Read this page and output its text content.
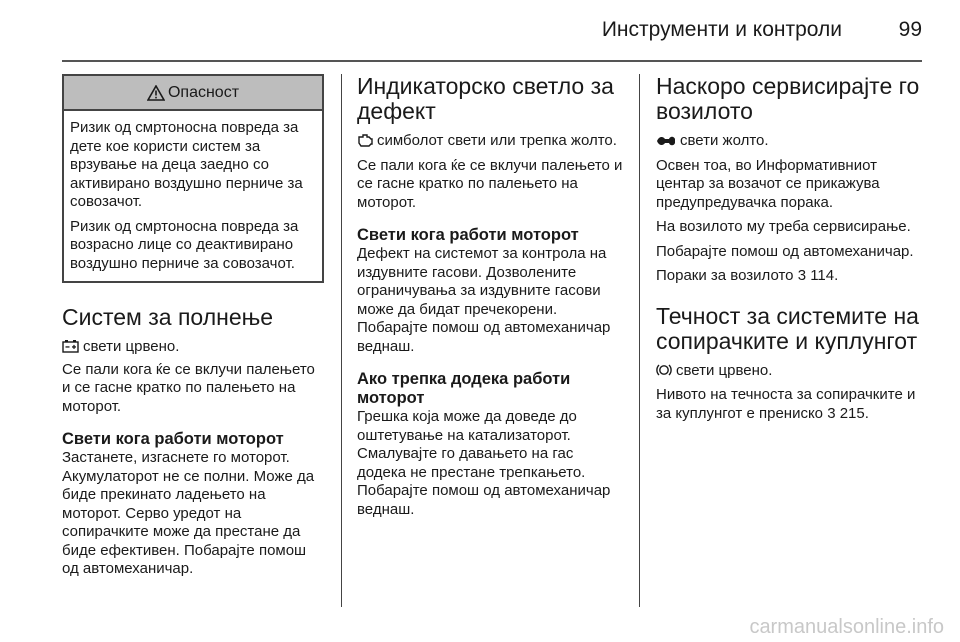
Инструменти и контроли	99
Опасност

Ризик од смртоносна повреда за дете кое користи систем за врзување на деца заедно со активирано воздушно перниче за совозачот.

Ризик од смртоносна повреда за возрасно лице со деактивирано воздушно перниче за совозачот.

Систем за полнење

свети црвено.

Се пали кога ќе се вклучи палењето и се гасне кратко по палењето на моторот.

Свети кога работи моторот

Застанете, изгаснете го моторот. Акумулаторот не се полни. Може да биде прекинато ладењето на моторот. Серво уредот на сопирачките може да престане да биде ефективен. Побарајте помош од автомеханичар.

Индикаторско светло за дефект

симболот свети или трепка жолто.

Се пали кога ќе се вклучи палењето и се гасне кратко по палењето на моторот.

Свети кога работи моторот

Дефект на системот за контрола на издувните гасови. Дозволените ограничувања за издувните гасови може да бидат пречекорени. Побарајте помош од автомеханичар веднаш.

Ако трепка додека работи моторот

Грешка која може да доведе до оштетување на катализаторот. Смалувајте го давањето на гас додека не престане трепкањето. Побарајте помош од автомеханичар веднаш.

Наскоро сервисирајте го возилото

свети жолто.

Освен тоа, во Информативниот центар за возачот се прикажува предупредувачка порака.

На возилото му треба сервисирање.

Побарајте помош од автомеханичар.

Пораки за возилото 3 114.

Течност за системите на сопирачките и куплунгот

свети црвено.

Нивото на течноста за сопирачките и за куплунгот е прениско 3 215.

carmanualsonline.info
